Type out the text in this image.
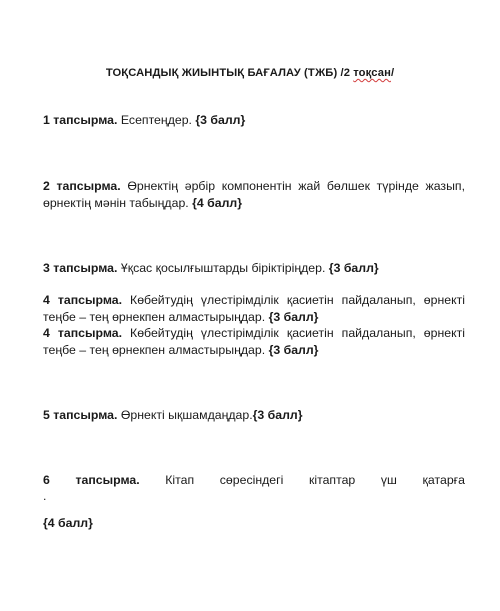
ТОҚСАНДЫҚ ЖИЫНТЫҚ БАҒАЛАУ (ТЖБ) /2 тоқсан/
1 тапсырма. Есептеңдер. {3 балл}
2 тапсырма. Өрнектің әрбір компонентін жай бөлшек түрінде жазып, өрнектің мәнін табыңдар. {4 балл}
3 тапсырма. Ұқсас қосылғыштарды біріктіріңдер. {3 балл}
4 тапсырма. Көбейтудің үлестірімділік қасиетін пайдаланып, өрнекті теңбе – тең өрнекпен алмастырыңдар. {3 балл}
4 тапсырма. Көбейтудің үлестірімділік қасиетін пайдаланып, өрнекті теңбе – тең өрнекпен алмастырыңдар. {3 балл}
5 тапсырма. Өрнекті ықшамдаңдар.{3 балл}
6 тапсырма. Кітап сөресіндегі кітаптар үш қатарға
.
{4 балл}
